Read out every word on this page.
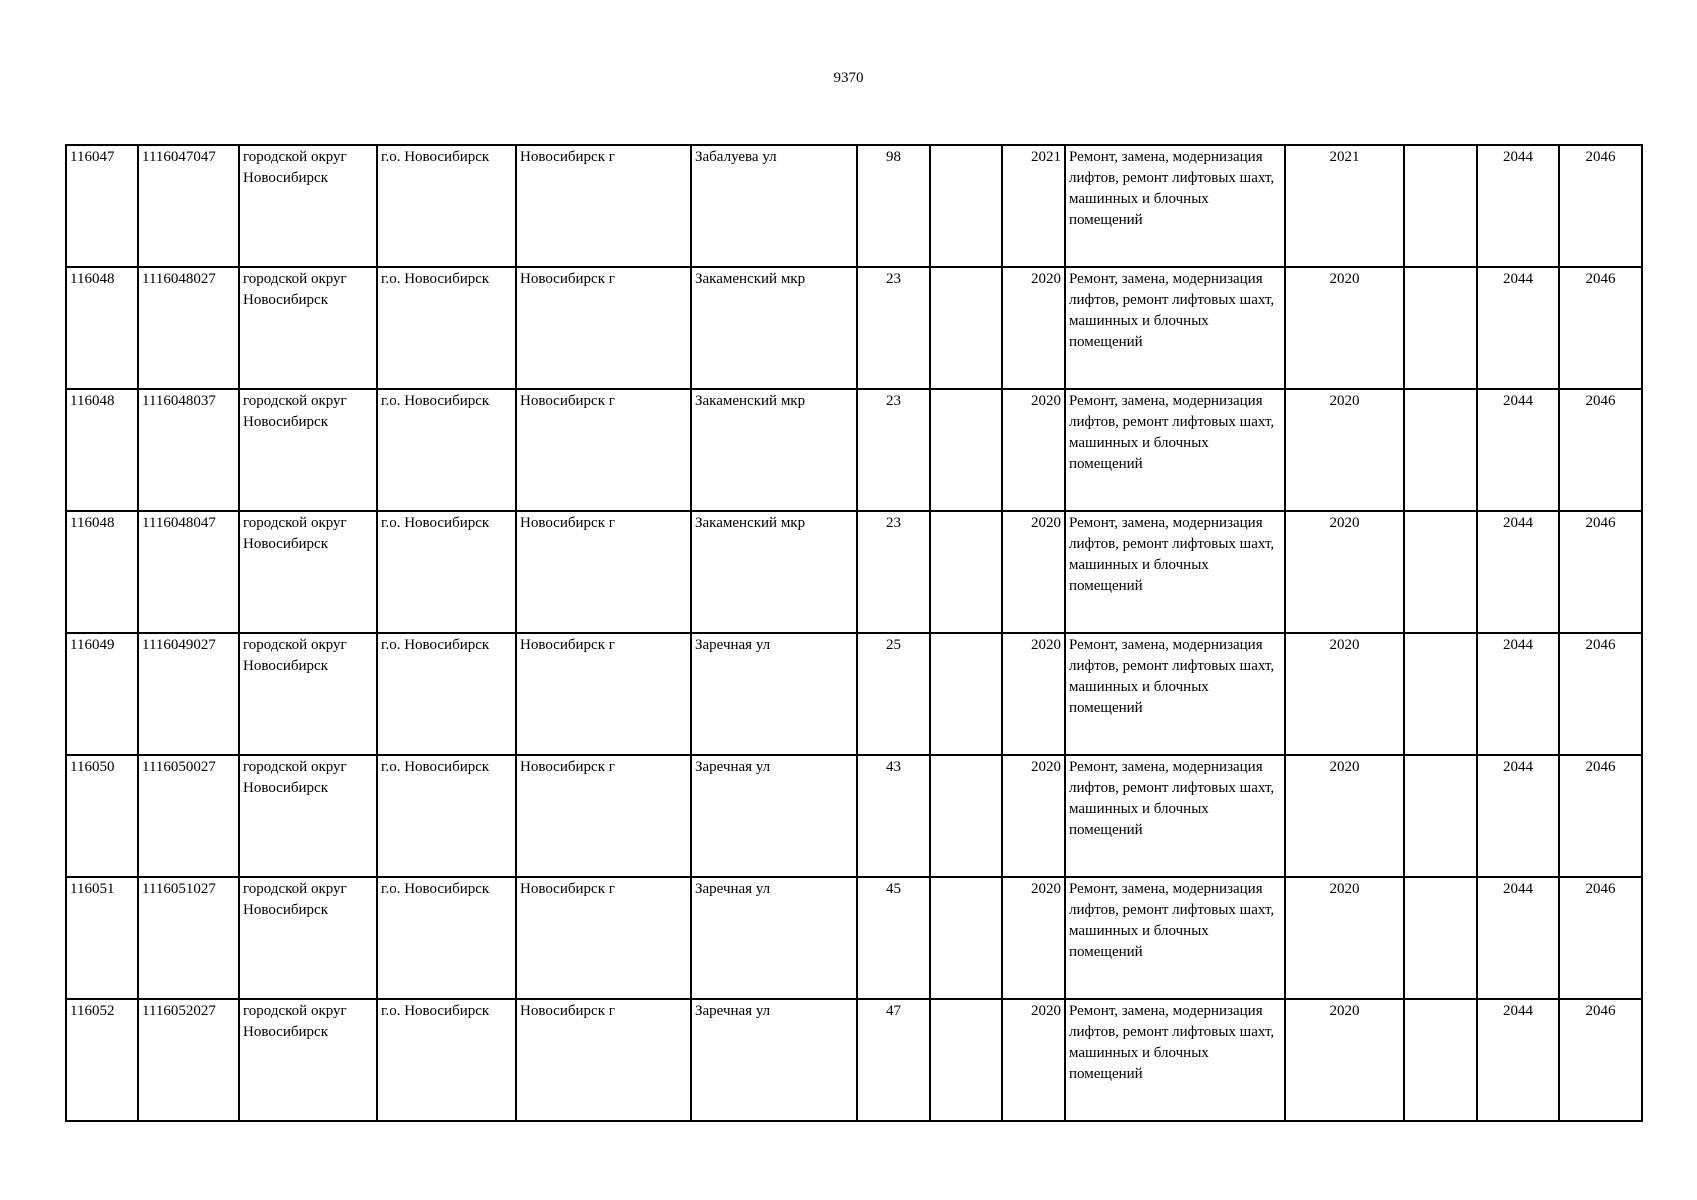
9370
116047	1116047047	городской округ Новосибирск	г.о. Новосибирск	Новосибирск г	Забалуева ул	98		2021	Ремонт, замена, модернизация лифтов, ремонт лифтовых шахт, машинных и блочных помещений	2021		2044	2046
116048	1116048027	городской округ Новосибирск	г.о. Новосибирск	Новосибирск г	Закаменский мкр	23		2020	Ремонт, замена, модернизация лифтов, ремонт лифтовых шахт, машинных и блочных помещений	2020		2044	2046
116048	1116048037	городской округ Новосибирск	г.о. Новосибирск	Новосибирск г	Закаменский мкр	23		2020	Ремонт, замена, модернизация лифтов, ремонт лифтовых шахт, машинных и блочных помещений	2020		2044	2046
116048	1116048047	городской округ Новосибирск	г.о. Новосибирск	Новосибирск г	Закаменский мкр	23		2020	Ремонт, замена, модернизация лифтов, ремонт лифтовых шахт, машинных и блочных помещений	2020		2044	2046
116049	1116049027	городской округ Новосибирск	г.о. Новосибирск	Новосибирск г	Заречная ул	25		2020	Ремонт, замена, модернизация лифтов, ремонт лифтовых шахт, машинных и блочных помещений	2020		2044	2046
116050	1116050027	городской округ Новосибирск	г.о. Новосибирск	Новосибирск г	Заречная ул	43		2020	Ремонт, замена, модернизация лифтов, ремонт лифтовых шахт, машинных и блочных помещений	2020		2044	2046
116051	1116051027	городской округ Новосибирск	г.о. Новосибирск	Новосибирск г	Заречная ул	45		2020	Ремонт, замена, модернизация лифтов, ремонт лифтовых шахт, машинных и блочных помещений	2020		2044	2046
116052	1116052027	городской округ Новосибирск	г.о. Новосибирск	Новосибирск г	Заречная ул	47		2020	Ремонт, замена, модернизация лифтов, ремонт лифтовых шахт, машинных и блочных помещений	2020		2044	2046
